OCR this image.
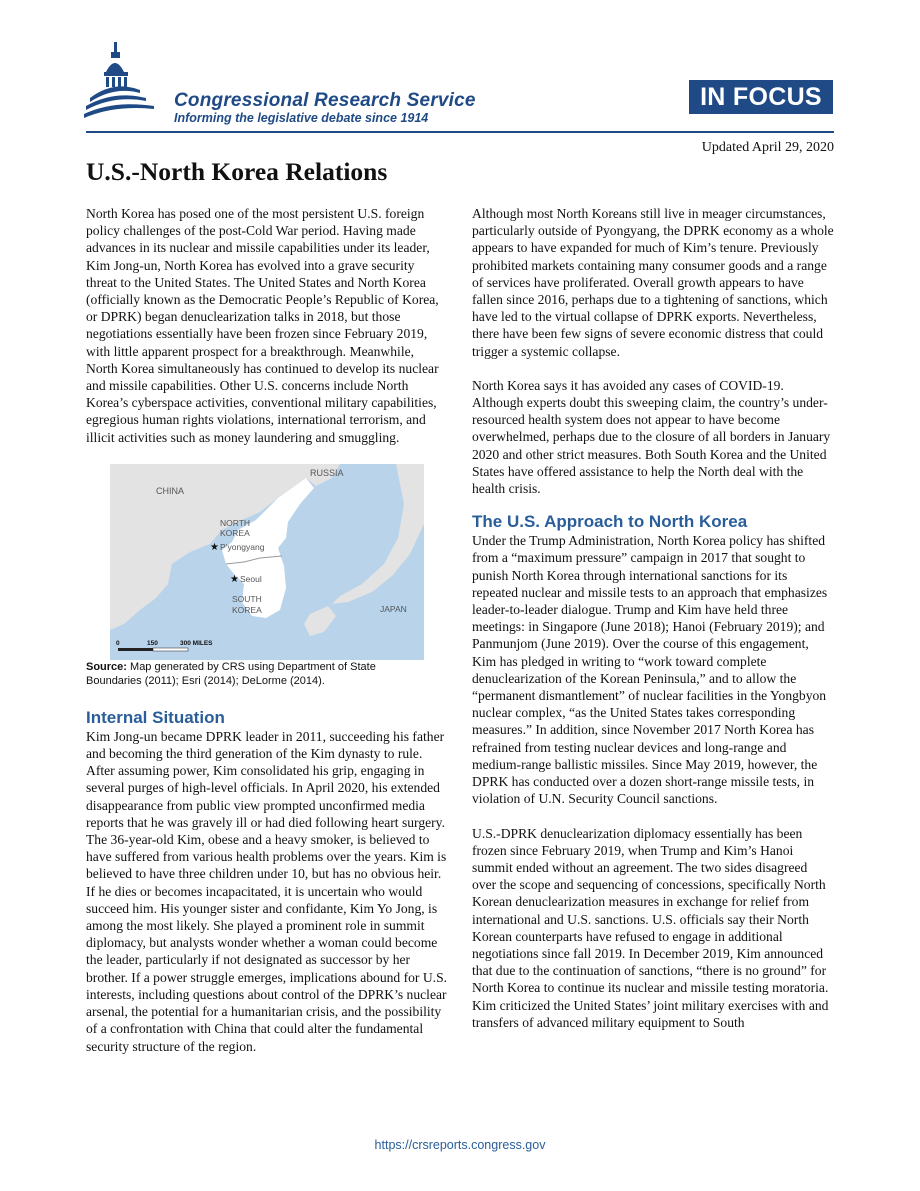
Congressional Research Service
Informing the legislative debate since 1914
IN FOCUS
Updated April 29, 2020
U.S.-North Korea Relations

North Korea has posed one of the most persistent U.S. foreign policy challenges of the post-Cold War period. Having made advances in its nuclear and missile capabilities under its leader, Kim Jong-un, North Korea has evolved into a grave security threat to the United States. The United States and North Korea (officially known as the Democratic People’s Republic of Korea, or DPRK) began denuclearization talks in 2018, but those negotiations essentially have been frozen since February 2019, with little apparent prospect for a breakthrough. Meanwhile, North Korea simultaneously has continued to develop its nuclear and missile capabilities. Other U.S. concerns include North Korea’s cyberspace activities, conventional military capabilities, egregious human rights violations, international terrorism, and illicit activities such as money laundering and smuggling.

CHINA
RUSSIA
NORTH
KOREA
★ P’yongyang
★ Seoul
SOUTH
KOREA	JAPAN
0	150	300 MILES

Source: Map generated by CRS using Department of State Boundaries (2011); Esri (2014); DeLorme (2014).

Internal Situation

Kim Jong-un became DPRK leader in 2011, succeeding his father and becoming the third generation of the Kim dynasty to rule. After assuming power, Kim consolidated his grip, engaging in several purges of high-level officials. In April 2020, his extended disappearance from public view prompted unconfirmed media reports that he was gravely ill or had died following heart surgery. The 36-year-old Kim, obese and a heavy smoker, is believed to have suffered from various health problems over the years. Kim is believed to have three children under 10, but has no obvious heir. If he dies or becomes incapacitated, it is uncertain who would succeed him. His younger sister and confidante, Kim Yo Jong, is among the most likely. She played a prominent role in summit diplomacy, but analysts wonder whether a woman could become the leader, particularly if not designated as successor by her brother. If a power struggle emerges, implications abound for U.S. interests, including questions about control of the DPRK’s nuclear arsenal, the potential for a humanitarian crisis, and the possibility of a confrontation with China that could alter the fundamental security structure of the region.

Although most North Koreans still live in meager circumstances, particularly outside of Pyongyang, the DPRK economy as a whole appears to have expanded for much of Kim’s tenure. Previously prohibited markets containing many consumer goods and a range of services have proliferated. Overall growth appears to have fallen since 2016, perhaps due to a tightening of sanctions, which have led to the virtual collapse of DPRK exports. Nevertheless, there have been few signs of severe economic distress that could trigger a systemic collapse.

North Korea says it has avoided any cases of COVID-19. Although experts doubt this sweeping claim, the country’s under-resourced health system does not appear to have become overwhelmed, perhaps due to the closure of all borders in January 2020 and other strict measures. Both South Korea and the United States have offered assistance to help the North deal with the health crisis.

The U.S. Approach to North Korea

Under the Trump Administration, North Korea policy has shifted from a “maximum pressure” campaign in 2017 that sought to punish North Korea through international sanctions for its repeated nuclear and missile tests to an approach that emphasizes leader-to-leader dialogue. Trump and Kim have held three meetings: in Singapore (June 2018); Hanoi (February 2019); and Panmunjom (June 2019). Over the course of this engagement, Kim has pledged in writing to “work toward complete denuclearization of the Korean Peninsula,” and to allow the “permanent dismantlement” of nuclear facilities in the Yongbyon nuclear complex, “as the United States takes corresponding measures.” In addition, since November 2017 North Korea has refrained from testing nuclear devices and long-range and medium-range ballistic missiles. Since May 2019, however, the DPRK has conducted over a dozen short-range missile tests, in violation of U.N. Security Council sanctions.

U.S.-DPRK denuclearization diplomacy essentially has been frozen since February 2019, when Trump and Kim’s Hanoi summit ended without an agreement. The two sides disagreed over the scope and sequencing of concessions, specifically North Korean denuclearization measures in exchange for relief from international and U.S. sanctions. U.S. officials say their North Korean counterparts have refused to engage in additional negotiations since fall 2019. In December 2019, Kim announced that due to the continuation of sanctions, “there is no ground” for North Korea to continue its nuclear and missile testing moratoria. Kim criticized the United States’ joint military exercises with and transfers of advanced military equipment to South

https://crsreports.congress.gov
